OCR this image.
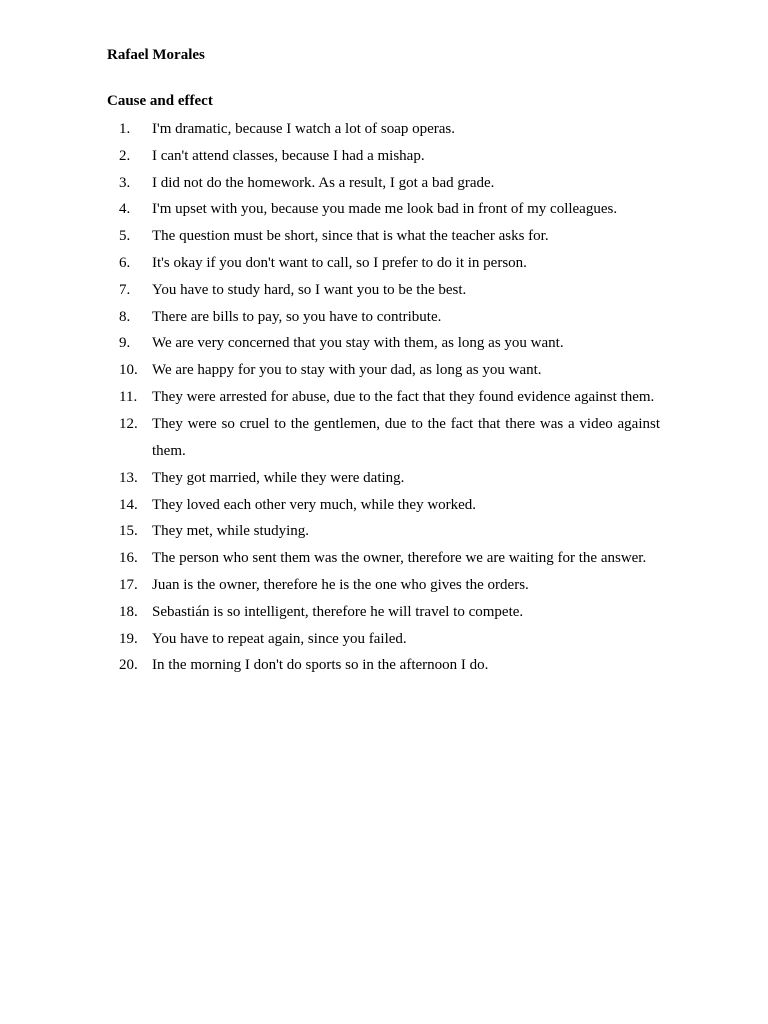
Rafael Morales

Cause and effect

1.	I'm dramatic, because I watch a lot of soap operas.
2.	I can't attend classes, because I had a mishap.
3.	I did not do the homework. As a result, I got a bad grade.
4.	I'm upset with you, because you made me look bad in front of my colleagues.
5.	The question must be short, since that is what the teacher asks for.
6.	It's okay if you don't want to call, so I prefer to do it in person.
7.	You have to study hard, so I want you to be the best.
8.	There are bills to pay, so you have to contribute.
9.	We are very concerned that you stay with them, as long as you want.
10. We are happy for you to stay with your dad, as long as you want.
11. They were arrested for abuse, due to the fact that they found evidence against them.
12. They were so cruel to the gentlemen, due to the fact that there was a video against them.
13. They got married, while they were dating.
14. They loved each other very much, while they worked.
15. They met, while studying.
16. The person who sent them was the owner, therefore we are waiting for the answer.
17. Juan is the owner, therefore he is the one who gives the orders.
18. Sebastián is so intelligent, therefore he will travel to compete.
19. You have to repeat again, since you failed.
20. In the morning I don't do sports so in the afternoon I do.
